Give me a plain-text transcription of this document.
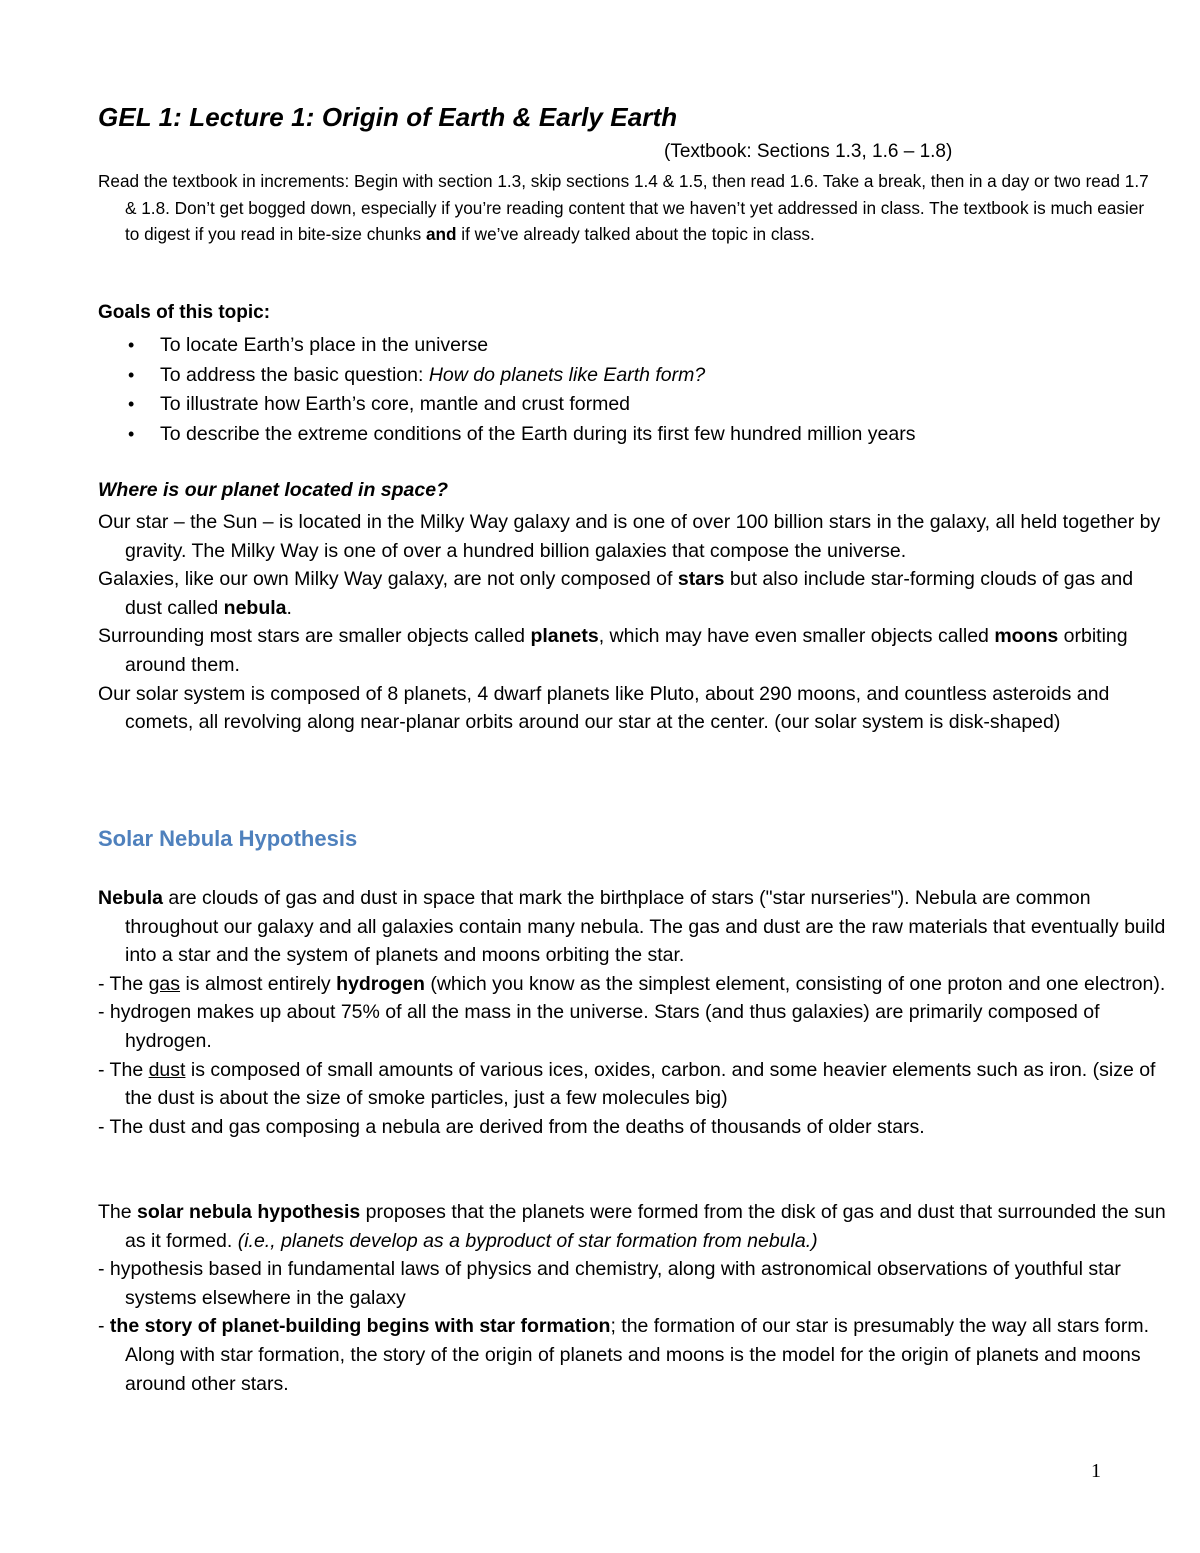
GEL 1: Lecture 1: Origin of Earth & Early Earth
(Textbook: Sections 1.3, 1.6 – 1.8)

Read the textbook in increments: Begin with section 1.3, skip sections 1.4 & 1.5, then read 1.6. Take a break, then in a day or two read 1.7 & 1.8. Don’t get bogged down, especially if you’re reading content that we haven’t yet addressed in class. The textbook is much easier to digest if you read in bite-size chunks and if we’ve already talked about the topic in class.

Goals of this topic:
• To locate Earth’s place in the universe
• To address the basic question: How do planets like Earth form?
• To illustrate how Earth’s core, mantle and crust formed
• To describe the extreme conditions of the Earth during its first few hundred million years
Where is our planet located in space?

Our star – the Sun – is located in the Milky Way galaxy and is one of over 100 billion stars in the galaxy, all held together by gravity. The Milky Way is one of over a hundred billion galaxies that compose the universe.

Galaxies, like our own Milky Way galaxy, are not only composed of stars but also include star-forming clouds of gas and dust called nebula.

Surrounding most stars are smaller objects called planets, which may have even smaller objects called moons orbiting around them.

Our solar system is composed of 8 planets, 4 dwarf planets like Pluto, about 290 moons, and countless asteroids and comets, all revolving along near-planar orbits around our star at the center. (our solar system is disk-shaped)

Solar Nebula Hypothesis

Nebula are clouds of gas and dust in space that mark the birthplace of stars ("star nurseries"). Nebula are common throughout our galaxy and all galaxies contain many nebula. The gas and dust are the raw materials that eventually build into a star and the system of planets and moons orbiting the star.

- The gas is almost entirely hydrogen (which you know as the simplest element, consisting of one proton and one electron).

- hydrogen makes up about 75% of all the mass in the universe. Stars (and thus galaxies) are primarily composed of hydrogen.

- The dust is composed of small amounts of various ices, oxides, carbon. and some heavier elements such as iron. (size of the dust is about the size of smoke particles, just a few molecules big)

- The dust and gas composing a nebula are derived from the deaths of thousands of older stars.

The solar nebula hypothesis proposes that the planets were formed from the disk of gas and dust that surrounded the sun as it formed. (i.e., planets develop as a byproduct of star formation from nebula.)

- hypothesis based in fundamental laws of physics and chemistry, along with astronomical observations of youthful star systems elsewhere in the galaxy

- the story of planet-building begins with star formation; the formation of our star is presumably the way all stars form. Along with star formation, the story of the origin of planets and moons is the model for the origin of planets and moons around other stars.

1
